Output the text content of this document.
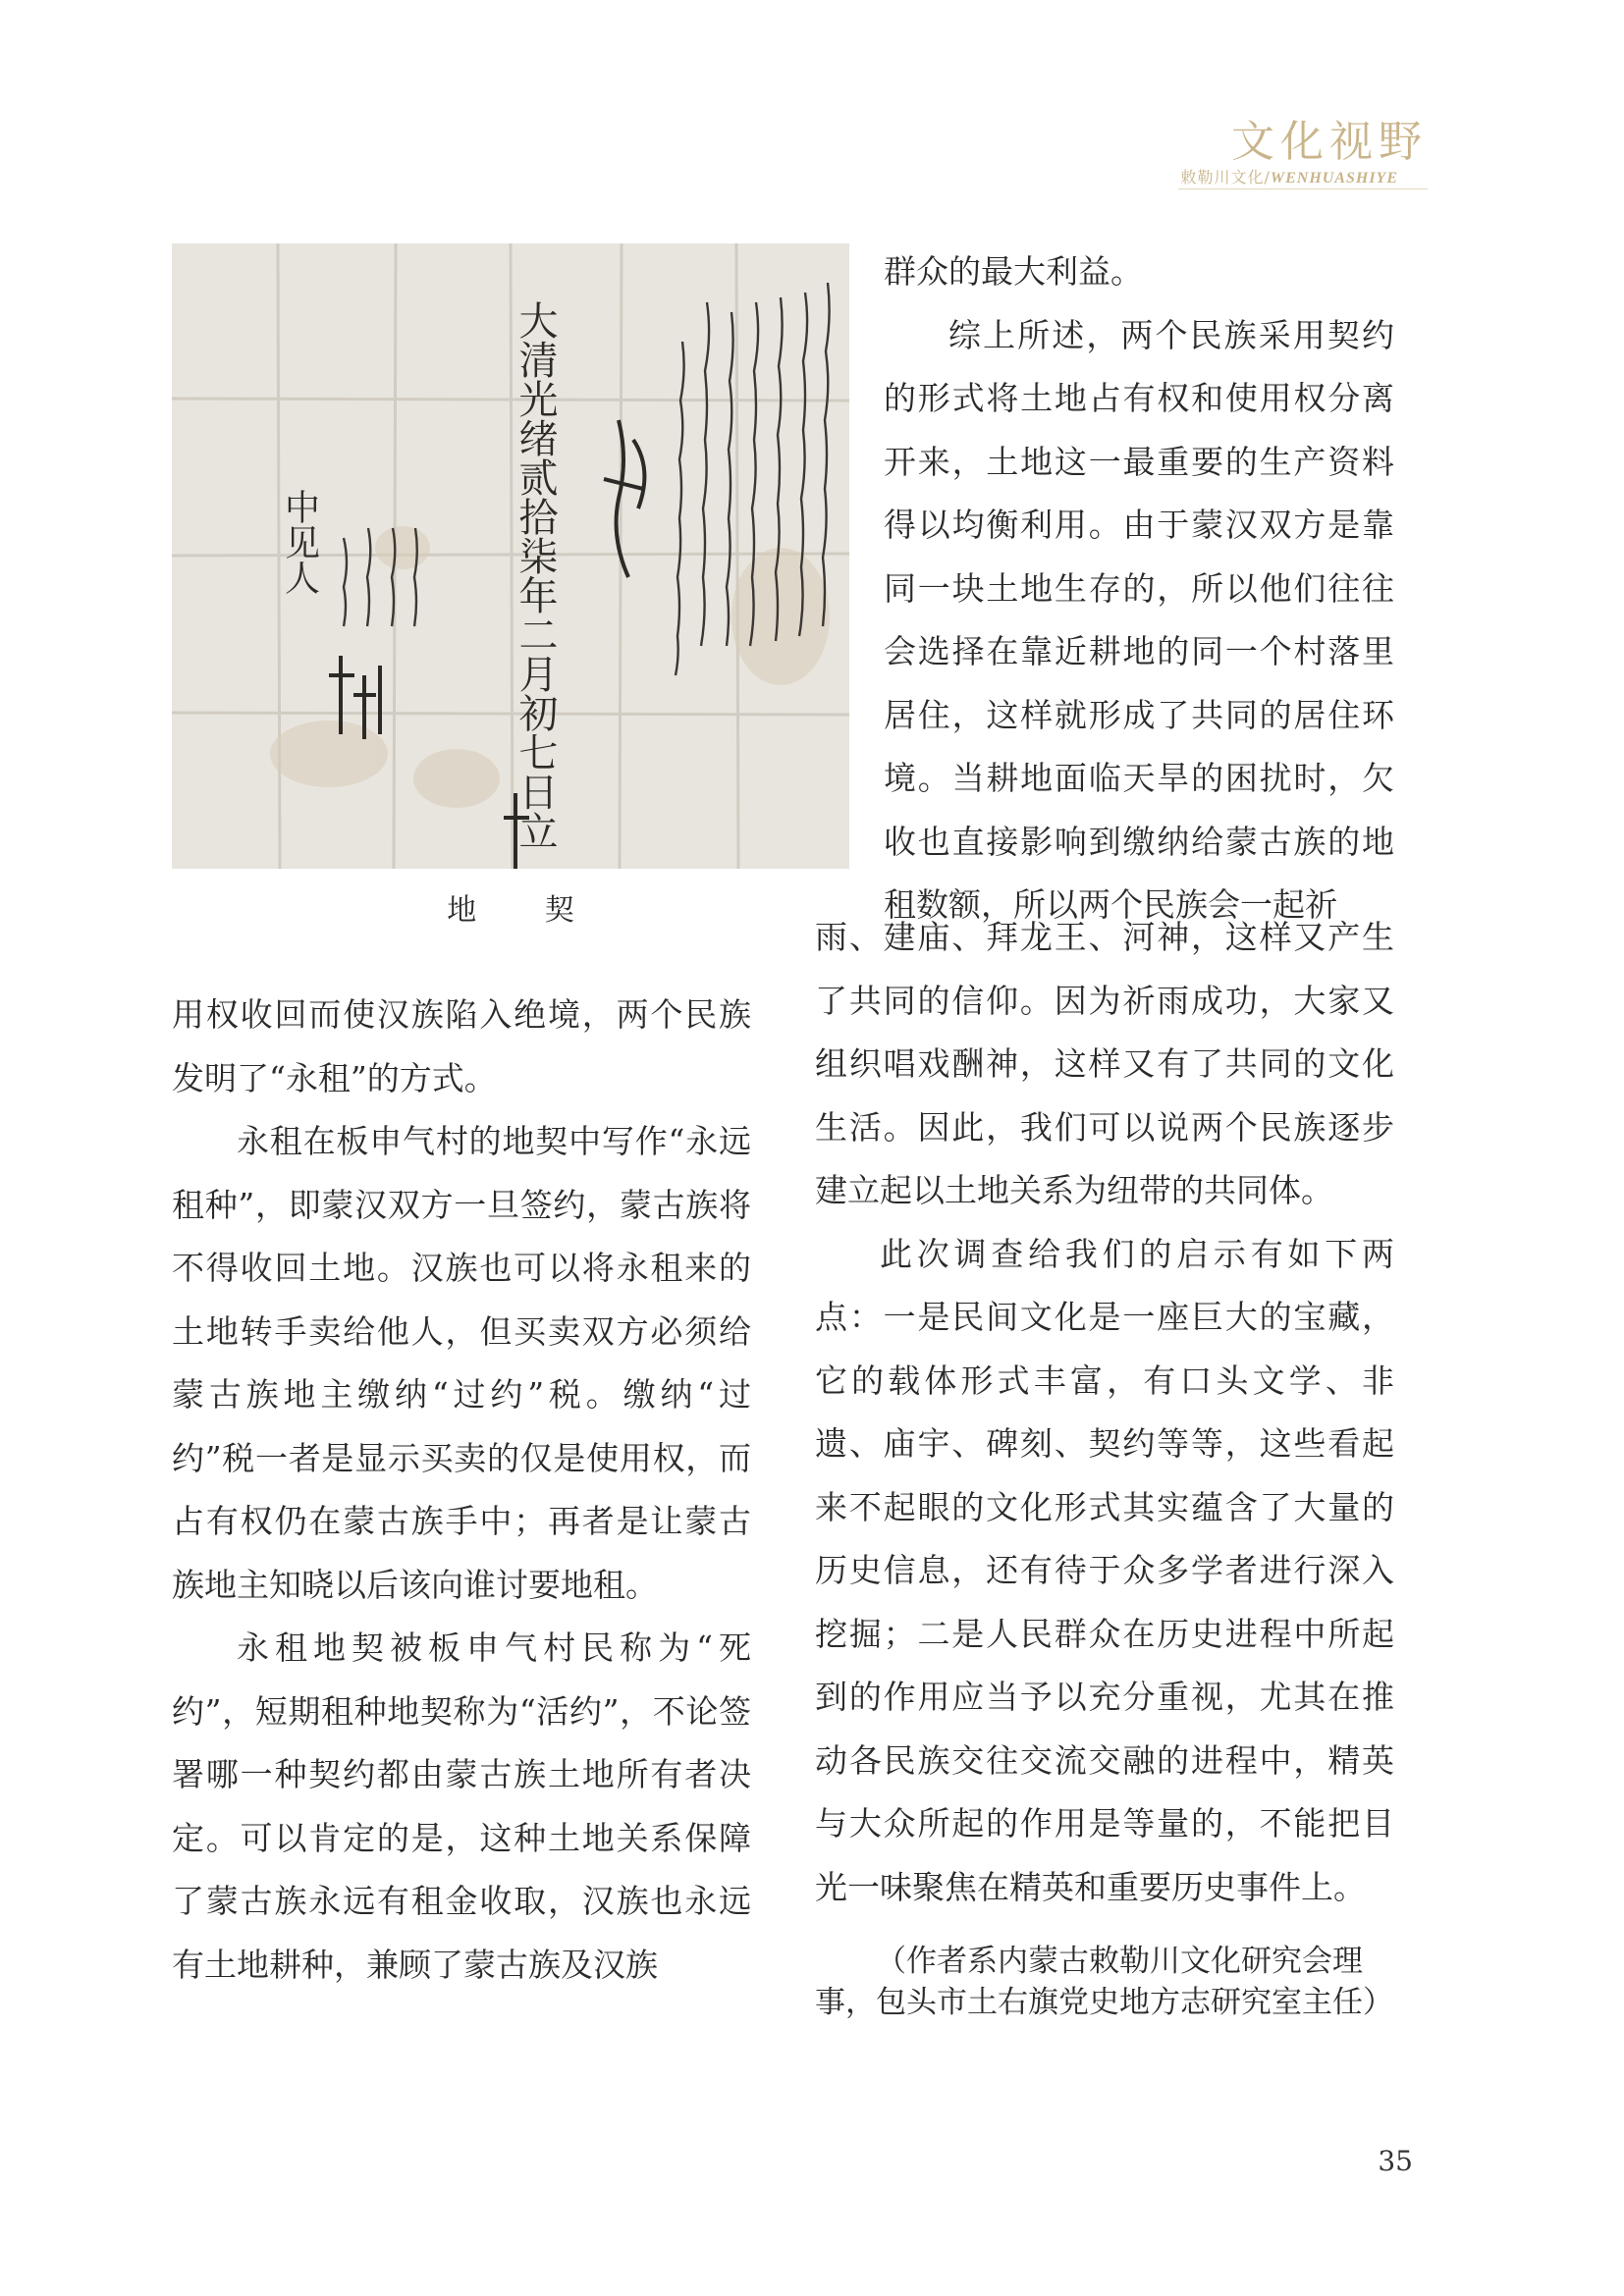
文化视野
敕勒川文化/WENHUASHIYE
大清光绪贰拾柒年二月初七日立
中见人
地 契

用权收回而使汉族陷入绝境，两个民族发明了“永租”的方式。

永租在板申气村的地契中写作“永远租种”，即蒙汉双方一旦签约，蒙古族将不得收回土地。汉族也可以将永租来的土地转手卖给他人，但买卖双方必须给蒙古族地主缴纳“过约”税。缴纳“过约”税一者是显示买卖的仅是使用权，而占有权仍在蒙古族手中；再者是让蒙古族地主知晓以后该向谁讨要地租。

永租地契被板申气村民称为“死约”，短期租种地契称为“活约”，不论签署哪一种契约都由蒙古族土地所有者决定。可以肯定的是，这种土地关系保障了蒙古族永远有租金收取，汉族也永远有土地耕种，兼顾了蒙古族及汉族

群众的最大利益。

综上所述，两个民族采用契约的形式将土地占有权和使用权分离开来，土地这一最重要的生产资料得以均衡利用。由于蒙汉双方是靠同一块土地生存的，所以他们往往会选择在靠近耕地的同一个村落里居住，这样就形成了共同的居住环境。当耕地面临天旱的困扰时，欠收也直接影响到缴纳给蒙古族的地租数额，所以两个民族会一起祈

雨、建庙、拜龙王、河神，这样又产生了共同的信仰。因为祈雨成功，大家又组织唱戏酬神，这样又有了共同的文化生活。因此，我们可以说两个民族逐步建立起以土地关系为纽带的共同体。

此次调查给我们的启示有如下两点：一是民间文化是一座巨大的宝藏，它的载体形式丰富，有口头文学、非遗、庙宇、碑刻、契约等等，这些看起来不起眼的文化形式其实蕴含了大量的历史信息，还有待于众多学者进行深入挖掘；二是人民群众在历史进程中所起到的作用应当予以充分重视，尤其在推动各民族交往交流交融的进程中，精英与大众所起的作用是等量的，不能把目光一味聚焦在精英和重要历史事件上。

（作者系内蒙古敕勒川文化研究会理事，包头市土右旗党史地方志研究室主任）
35
